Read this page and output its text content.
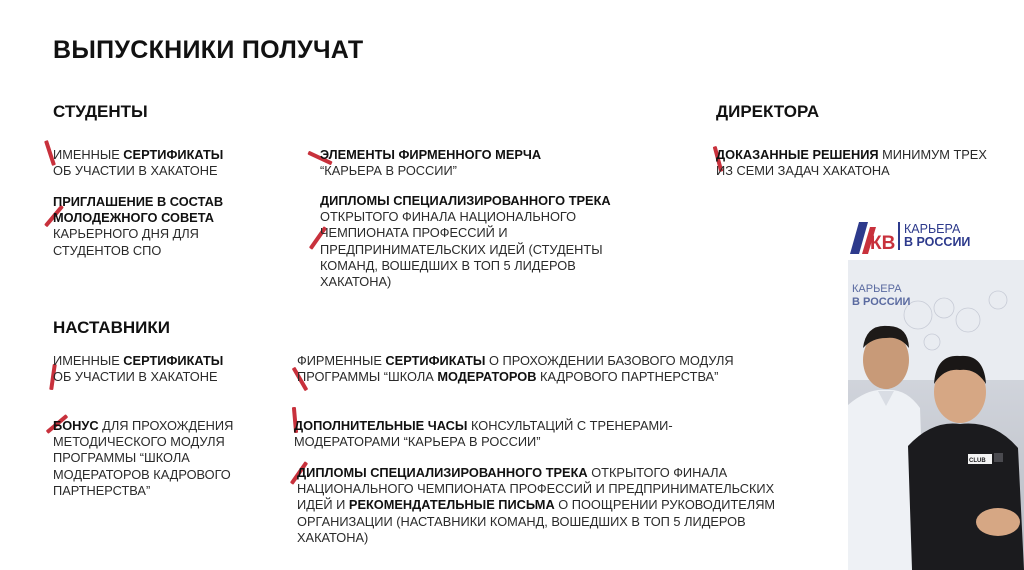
ВЫПУСКНИКИ ПОЛУЧАТ
СТУДЕНТЫ	ДИРЕКТОРА
НАСТАВНИКИ
ИМЕННЫЕ СЕРТИФИКАТЫ
ОБ УЧАСТИИ В ХАКАТОНЕ
ПРИГЛАШЕНИЕ В СОСТАВ МОЛОДЕЖНОГО СОВЕТА КАРЬЕРНОГО ДНЯ ДЛЯ СТУДЕНТОВ СПО
ЭЛЕМЕНТЫ ФИРМЕННОГО МЕРЧА
“КАРЬЕРА В РОССИИ”
ДИПЛОМЫ СПЕЦИАЛИЗИРОВАННОГО ТРЕКА
ОТКРЫТОГО ФИНАЛА НАЦИОНАЛЬНОГО ЧЕМПИОНАТА ПРОФЕССИЙ И ПРЕДПРИНИМАТЕЛЬСКИХ ИДЕЙ (СТУДЕНТЫ КОМАНД, ВОШЕДШИХ В ТОП 5 ЛИДЕРОВ ХАКАТОНА)
ДОКАЗАННЫЕ РЕШЕНИЯ МИНИМУМ ТРЕХ ИЗ СЕМИ ЗАДАЧ ХАКАТОНА
ИМЕННЫЕ СЕРТИФИКАТЫ
ОБ УЧАСТИИ В ХАКАТОНЕ
БОНУС ДЛЯ ПРОХОЖДЕНИЯ МЕТОДИЧЕСКОГО МОДУЛЯ ПРОГРАММЫ “ШКОЛА МОДЕРАТОРОВ КАДРОВОГО ПАРТНЕРСТВА”
ФИРМЕННЫЕ СЕРТИФИКАТЫ О ПРОХОЖДЕНИИ БАЗОВОГО МОДУЛЯ ПРОГРАММЫ “ШКОЛА МОДЕРАТОРОВ КАДРОВОГО ПАРТНЕРСТВА”
ДОПОЛНИТЕЛЬНЫЕ ЧАСЫ КОНСУЛЬТАЦИЙ С ТРЕНЕРАМИ-МОДЕРАТОРАМИ “КАРЬЕРА В РОССИИ”
ДИПЛОМЫ СПЕЦИАЛИЗИРОВАННОГО ТРЕКА ОТКРЫТОГО ФИНАЛА НАЦИОНАЛЬНОГО ЧЕМПИОНАТА ПРОФЕССИЙ И ПРЕДПРИНИМАТЕЛЬСКИХ ИДЕЙ И РЕКОМЕНДАТЕЛЬНЫЕ ПИСЬМА О ПООЩРЕНИИ РУКОВОДИТЕЛЯМ ОРГАНИЗАЦИИ (НАСТАВНИКИ КОМАНД, ВОШЕДШИХ В ТОП 5 ЛИДЕРОВ ХАКАТОНА)
КВ
КАРЬЕРА
В РОССИИ
КАРЬЕРА
В РОССИИ
CLUB
